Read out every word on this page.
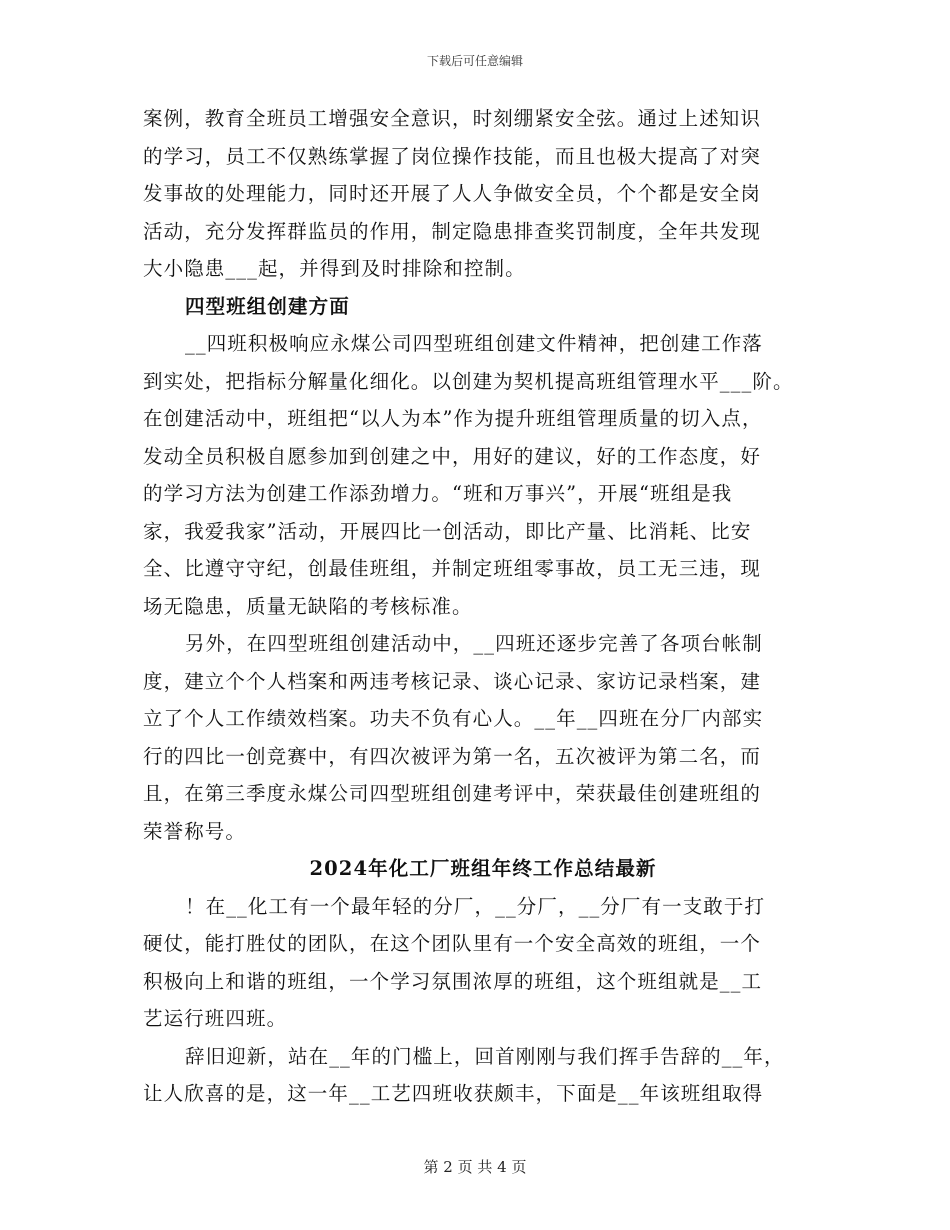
下载后可任意编辑
案例，教育全班员工增强安全意识，时刻绷紧安全弦。通过上述知识
的学习，员工不仅熟练掌握了岗位操作技能，而且也极大提高了对突
发事故的处理能力，同时还开展了人人争做安全员，个个都是安全岗
活动，充分发挥群监员的作用，制定隐患排查奖罚制度，全年共发现
大小隐患___起，并得到及时排除和控制。
四型班组创建方面
__四班积极响应永煤公司四型班组创建文件精神，把创建工作落
到实处，把指标分解量化细化。以创建为契机提高班组管理水平___阶。
在创建活动中，班组把“以人为本”作为提升班组管理质量的切入点，
发动全员积极自愿参加到创建之中，用好的建议，好的工作态度，好
的学习方法为创建工作添劲增力。“班和万事兴”，开展“班组是我
家，我爱我家”活动，开展四比一创活动，即比产量、比消耗、比安
全、比遵守守纪，创最佳班组，并制定班组零事故，员工无三违，现
场无隐患，质量无缺陷的考核标准。
另外，在四型班组创建活动中，__四班还逐步完善了各项台帐制
度，建立个个人档案和两违考核记录、谈心记录、家访记录档案，建
立了个人工作绩效档案。功夫不负有心人。__年__四班在分厂内部实
行的四比一创竞赛中，有四次被评为第一名，五次被评为第二名，而
且，在第三季度永煤公司四型班组创建考评中，荣获最佳创建班组的
荣誉称号。
2024年化工厂班组年终工作总结最新
！在__化工有一个最年轻的分厂，__分厂，__分厂有一支敢于打
硬仗，能打胜仗的团队，在这个团队里有一个安全高效的班组，一个
积极向上和谐的班组，一个学习氛围浓厚的班组，这个班组就是__工
艺运行班四班。
辞旧迎新，站在__年的门槛上，回首刚刚与我们挥手告辞的__年，
让人欣喜的是，这一年__工艺四班收获颇丰，下面是__年该班组取得
第 2 页 共 4 页
